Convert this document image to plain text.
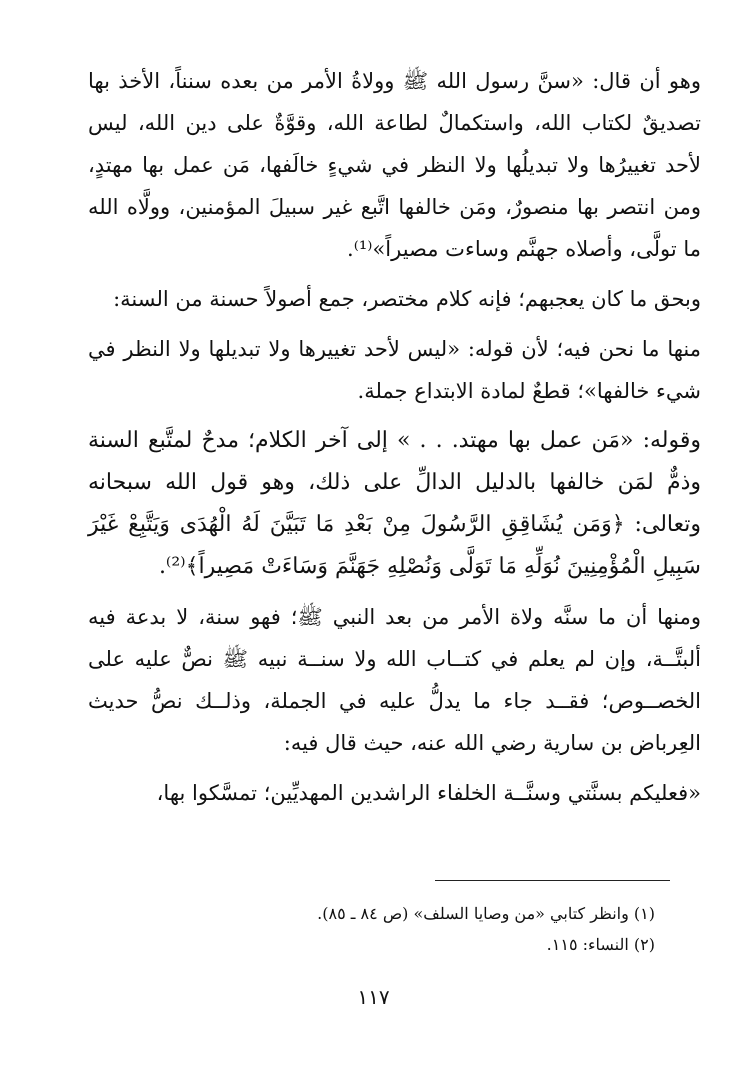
وهو أن قال: «سنَّ رسول الله ﷺ وولاةُ الأمر من بعده سنناً، الأخذ بها تصديقٌ لكتاب الله، واستكمالٌ لطاعة الله، وقوَّةٌ على دين الله، ليس لأحد تغييرُها ولا تبديلُها ولا النظر في شيءٍ خالَفها، مَن عمل بها مهتدٍ، ومن انتصر بها منصورٌ، ومَن خالفها اتَّبع غير سبيلَ المؤمنين، وولَّاه الله ما تولَّى، وأصلاه جهنَّم وساءت مصيراً»⁽¹⁾.

وبحق ما كان يعجبهم؛ فإنه كلام مختصر، جمع أصولاً حسنة من السنة:

منها ما نحن فيه؛ لأن قوله: «ليس لأحد تغييرها ولا تبديلها ولا النظر في شيء خالفها»؛ قطعٌ لمادة الابتداع جملة.

وقوله: «مَن عمل بها مهتد. . . » إلى آخر الكلام؛ مدحٌ لمتَّبع السنة وذمٌّ لمَن خالفها بالدليل الدالِّ على ذلك، وهو قول الله سبحانه وتعالى: ﴿وَمَن يُشَاقِقِ الرَّسُولَ مِنْ بَعْدِ مَا تَبَيَّنَ لَهُ الْهُدَى وَيَتَّبِعْ غَيْرَ سَبِيلِ الْمُؤْمِنِينَ نُوَلِّهِ مَا تَوَلَّى وَنُصْلِهِ جَهَنَّمَ وَسَاءَتْ مَصِيراً﴾⁽²⁾.

ومنها أن ما سنَّه ولاة الأمر من بعد النبي ﷺ؛ فهو سنة، لا بدعة فيه ألبتَّــة، وإن لم يعلم في كتــاب الله ولا سنــة نبيه ﷺ نصٌّ عليه على الخصــوص؛ فقــد جاء ما يدلُّ عليه في الجملة، وذلــك نصُّ حديث العِرباض بن سارية رضي الله عنه، حيث قال فيه:

«فعليكم بسنَّتي وسنَّــة الخلفاء الراشدين المهديِّين؛ تمسَّكوا بها،

(١) وانظر كتابي «من وصايا السلف» (ص ٨٤ ـ ٨٥).

(٢) النساء: ١١٥.

١١٧
